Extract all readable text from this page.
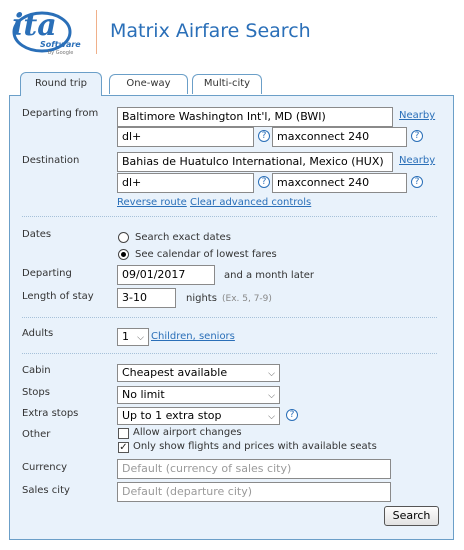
ita
Software
by Google
Matrix Airfare Search
Round trip	One-way	Multi-city
Departing from	Baltimore Washington Int'l, MD (BWI)	Nearby
dl+	? maxconnect 240	?
Destination	Bahias de Huatulco International, Mexico (HUX)	Nearby
dl+	? maxconnect 240	?
Reverse route Clear advanced controls
Dates	Search exact dates
See calendar of lowest fares
Departing	09/01/2017	and a month later
Length of stay	3-10	nights (Ex. 5, 7-9)
Adults	1 ⌵ Children, seniors
Cabin	Cheapest available	⌵
Stops	No limit	⌵
Extra stops	Up to 1 extra stop	⌵	?
Other	Allow airport changes
✓ Only show flights and prices with available seats
Currency	Default (currency of sales city)
Sales city	Default (departure city)
Search
